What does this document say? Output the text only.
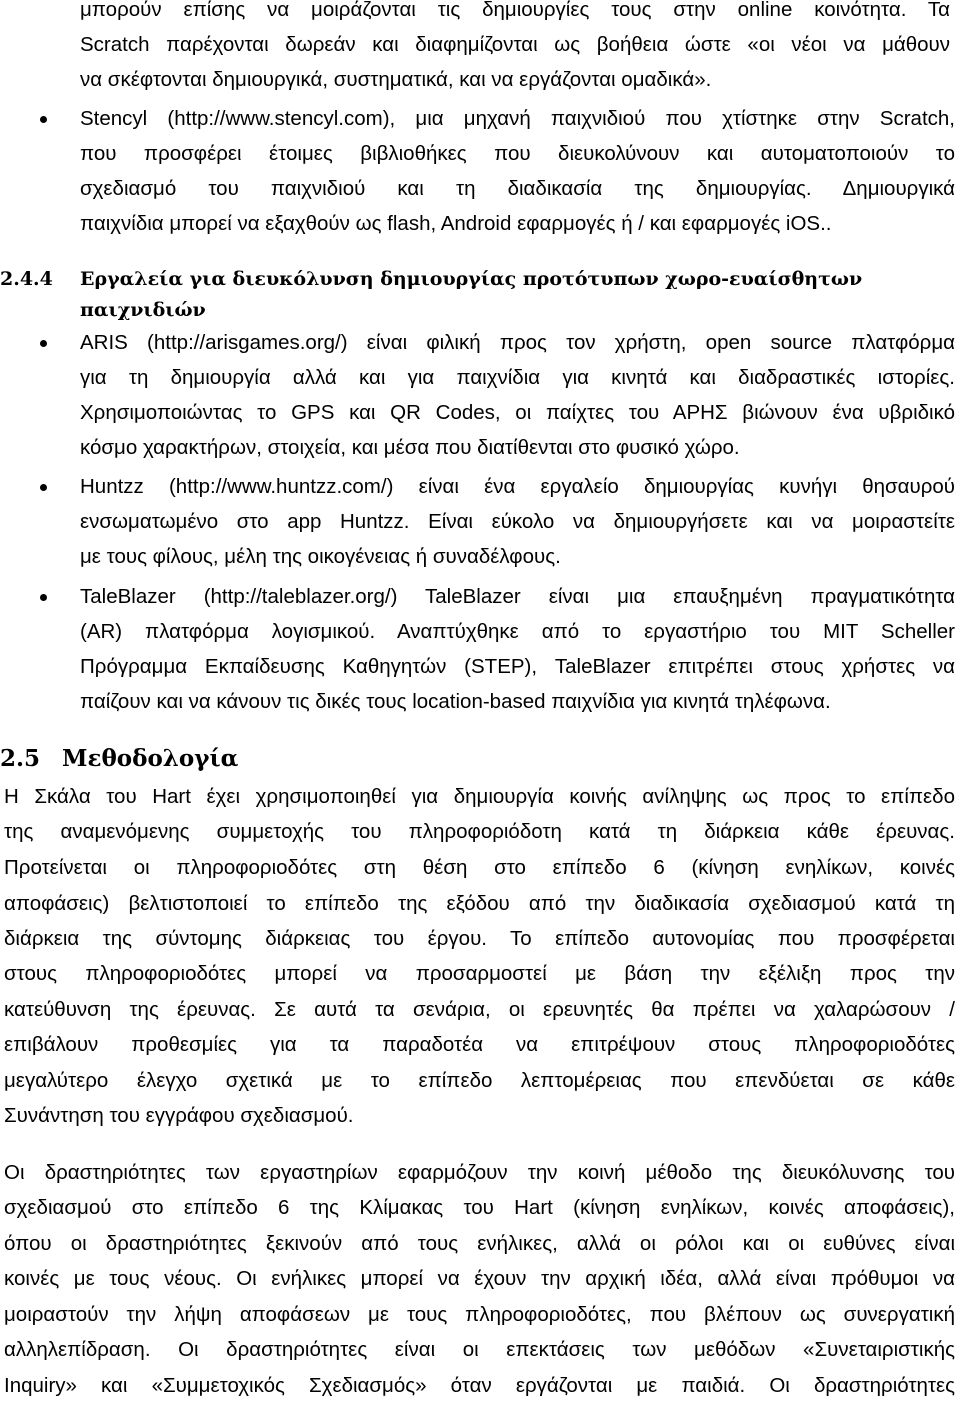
μπορούν επίσης να μοιράζονται τις δημιουργίες τους στην online κοινότητα. Τα
Scratch παρέχονται δωρεάν και διαφημίζονται ως βοήθεια ώστε «οι νέοι να μάθουν
να σκέφτονται δημιουργικά, συστηματικά, και να εργάζονται ομαδικά».
Stencyl (http://www.stencyl.com), μια μηχανή παιχνιδιού που χτίστηκε στην Scratch,
που προσφέρει έτοιμες βιβλιοθήκες που διευκολύνουν και αυτοματοποιούν το
σχεδιασμό του παιχνιδιού και τη διαδικασία της δημιουργίας. Δημιουργικά
παιχνίδια μπορεί να εξαχθούν ως flash, Android εφαρμογές ή / και εφαρμογές iOS..
2.4.4 Εργαλεία για διευκόλυνση δημιουργίας προτότυπων χωρο-ευαίσθητων
παιχνιδιών
ARIS (http://arisgames.org/) είναι φιλική προς τον χρήστη, open source πλατφόρμα
για τη δημιουργία αλλά και για παιχνίδια για κινητά και διαδραστικές ιστορίες.
Χρησιμοποιώντας το GPS και QR Codes, οι παίχτες του ΑΡΗΣ βιώνουν ένα υβριδικό
κόσμο χαρακτήρων, στοιχεία, και μέσα που διατίθενται στο φυσικό χώρο.
Huntzz (http://www.huntzz.com/) είναι ένα εργαλείο δημιουργίας κυνήγι θησαυρού
ενσωματωμένο στο app Huntzz. Είναι εύκολο να δημιουργήσετε και να μοιραστείτε
με τους φίλους, μέλη της οικογένειας ή συναδέλφους.
TaleBlazer (http://taleblazer.org/) TaleBlazer είναι μια επαυξημένη πραγματικότητα
(AR) πλατφόρμα λογισμικού. Αναπτύχθηκε από το εργαστήριο του MIT Scheller
Πρόγραμμα Εκπαίδευσης Καθηγητών (STEP), TaleBlazer επιτρέπει στους χρήστες να
παίζουν και να κάνουν τις δικές τους location-based παιχνίδια για κινητά τηλέφωνα.
2.5 Μεθοδολογία
Η Σκάλα του Hart έχει χρησιμοποιηθεί για δημιουργία κοινής ανίληψης ως προς το επίπεδο
της αναμενόμενης συμμετοχής του πληροφοριόδοτη κατά τη διάρκεια κάθε έρευνας.
Προτείνεται οι πληροφοριοδότες στη θέση στο επίπεδο 6 (κίνηση ενηλίκων, κοινές
αποφάσεις) βελτιστοποιεί το επίπεδο της εξόδου από την διαδικασία σχεδιασμού κατά τη
διάρκεια της σύντομης διάρκειας του έργου. Το επίπεδο αυτονομίας που προσφέρεται
στους πληροφοριοδότες μπορεί να προσαρμοστεί με βάση την εξέλιξη προς την
κατεύθυνση της έρευνας. Σε αυτά τα σενάρια, οι ερευνητές θα πρέπει να χαλαρώσουν /
επιβάλουν προθεσμίες για τα παραδοτέα να επιτρέψουν στους πληροφοριοδότες
μεγαλύτερο έλεγχο σχετικά με το επίπεδο λεπτομέρειας που επενδύεται σε κάθε
Συνάντηση του εγγράφου σχεδιασμού.
Οι δραστηριότητες των εργαστηρίων εφαρμόζουν την κοινή μέθοδο της διευκόλυνσης του
σχεδιασμού στο επίπεδο 6 της Κλίμακας του Hart (κίνηση ενηλίκων, κοινές αποφάσεις),
όπου οι δραστηριότητες ξεκινούν από τους ενήλικες, αλλά οι ρόλοι και οι ευθύνες είναι
κοινές με τους νέους. Οι ενήλικες μπορεί να έχουν την αρχική ιδέα, αλλά είναι πρόθυμοι να
μοιραστούν την λήψη αποφάσεων με τους πληροφοριοδότες, που βλέπουν ως συνεργατική
αλληλεπίδραση. Οι δραστηριότητες είναι οι επεκτάσεις των μεθόδων «Συνεταιριστικής
Inquiry» και «Συμμετοχικός Σχεδιασμός» όταν εργάζονται με παιδιά. Οι δραστηριότητες
